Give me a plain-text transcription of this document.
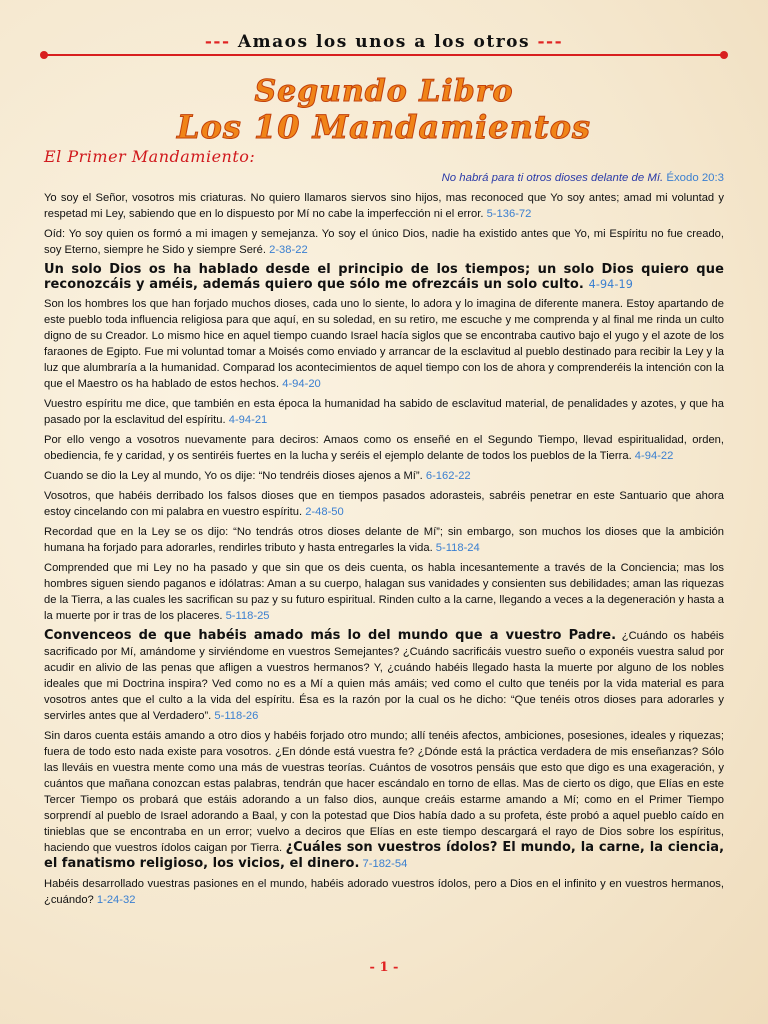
--- Amaos los unos a los otros ---
Segundo Libro
Los 10 Mandamientos
El Primer Mandamiento:
No habrá para ti otros dioses delante de Mí. Éxodo 20:3

Yo soy el Señor, vosotros mis criaturas. No quiero llamaros siervos sino hijos, mas reconoced que Yo soy antes; amad mi voluntad y respetad mi Ley, sabiendo que en lo dispuesto por Mí no cabe la imperfección ni el error. 5-136-72

Oíd: Yo soy quien os formó a mi imagen y semejanza. Yo soy el único Dios, nadie ha existido antes que Yo, mi Espíritu no fue creado, soy Eterno, siempre he Sido y siempre Seré. 2-38-22

Un solo Dios os ha hablado desde el principio de los tiempos; un solo Dios quiero que reconozcáis y améis, además quiero que sólo me ofrezcáis un solo culto. 4-94-19

Son los hombres los que han forjado muchos dioses, cada uno lo siente, lo adora y lo imagina de diferente manera. Estoy apartando de este pueblo toda influencia religiosa para que aquí, en su soledad, en su retiro, me escuche y me comprenda y al final me rinda un culto digno de su Creador. Lo mismo hice en aquel tiempo cuando Israel hacía siglos que se encontraba cautivo bajo el yugo y el azote de los faraones de Egipto. Fue mi voluntad tomar a Moisés como enviado y arrancar de la esclavitud al pueblo destinado para recibir la Ley y la luz que alumbraría a la humanidad. Comparad los acontecimientos de aquel tiempo con los de ahora y comprenderéis la intención con la que el Maestro os ha hablado de estos hechos. 4-94-20

Vuestro espíritu me dice, que también en esta época la humanidad ha sabido de esclavitud material, de penalidades y azotes, y que ha pasado por la esclavitud del espíritu. 4-94-21

Por ello vengo a vosotros nuevamente para deciros: Amaos como os enseñé en el Segundo Tiempo, llevad espiritualidad, orden, obediencia, fe y caridad, y os sentiréis fuertes en la lucha y seréis el ejemplo delante de todos los pueblos de la Tierra. 4-94-22

Cuando se dio la Ley al mundo, Yo os dije: “No tendréis dioses ajenos a Mí”. 6-162-22

Vosotros, que habéis derribado los falsos dioses que en tiempos pasados adorasteis, sabréis penetrar en este Santuario que ahora estoy cincelando con mi palabra en vuestro espíritu. 2-48-50

Recordad que en la Ley se os dijo: “No tendrás otros dioses delante de Mí”; sin embargo, son muchos los dioses que la ambición humana ha forjado para adorarles, rendirles tributo y hasta entregarles la vida. 5-118-24

Comprended que mi Ley no ha pasado y que sin que os deis cuenta, os habla incesantemente a través de la Conciencia; mas los hombres siguen siendo paganos e idólatras: Aman a su cuerpo, halagan sus vanidades y consienten sus debilidades; aman las riquezas de la Tierra, a las cuales les sacrifican su paz y su futuro espiritual. Rinden culto a la carne, llegando a veces a la degeneración y hasta a la muerte por ir tras de los placeres. 5-118-25

Convenceos de que habéis amado más lo del mundo que a vuestro Padre. ¿Cuándo os habéis sacrificado por Mí, amándome y sirviéndome en vuestros Semejantes? ¿Cuándo sacrificáis vuestro sueño o exponéis vuestra salud por acudir en alivio de las penas que afligen a vuestros hermanos? Y, ¿cuándo habéis llegado hasta la muerte por alguno de los nobles ideales que mi Doctrina inspira? Ved como no es a Mí a quien más amáis; ved como el culto que tenéis por la vida material es para vosotros antes que el culto a la vida del espíritu. Ésa es la razón por la cual os he dicho: “Que tenéis otros dioses para adorarles y servirles antes que al Verdadero”. 5-118-26

Sin daros cuenta estáis amando a otro dios y habéis forjado otro mundo; allí tenéis afectos, ambiciones, posesiones, ideales y riquezas; fuera de todo esto nada existe para vosotros. ¿En dónde está vuestra fe? ¿Dónde está la práctica verdadera de mis enseñanzas? Sólo las lleváis en vuestra mente como una más de vuestras teorías. Cuántos de vosotros pensáis que esto que digo es una exageración, y cuántos que mañana conozcan estas palabras, tendrán que hacer escándalo en torno de ellas. Mas de cierto os digo, que Elías en este Tercer Tiempo os probará que estáis adorando a un falso dios, aunque creáis estarme amando a Mí; como en el Primer Tiempo sorprendí al pueblo de Israel adorando a Baal, y con la potestad que Dios había dado a su profeta, éste probó a aquel pueblo caído en tinieblas que se encontraba en un error; vuelvo a deciros que Elías en este tiempo descargará el rayo de Dios sobre los espíritus, haciendo que vuestros ídolos caigan por Tierra. ¿Cuáles son vuestros ídolos? El mundo, la carne, la ciencia, el fanatismo religioso, los vicios, el dinero. 7-182-54

Habéis desarrollado vuestras pasiones en el mundo, habéis adorado vuestros ídolos, pero a Dios en el infinito y en vuestros hermanos, ¿cuándo? 1-24-32

- 1 -
